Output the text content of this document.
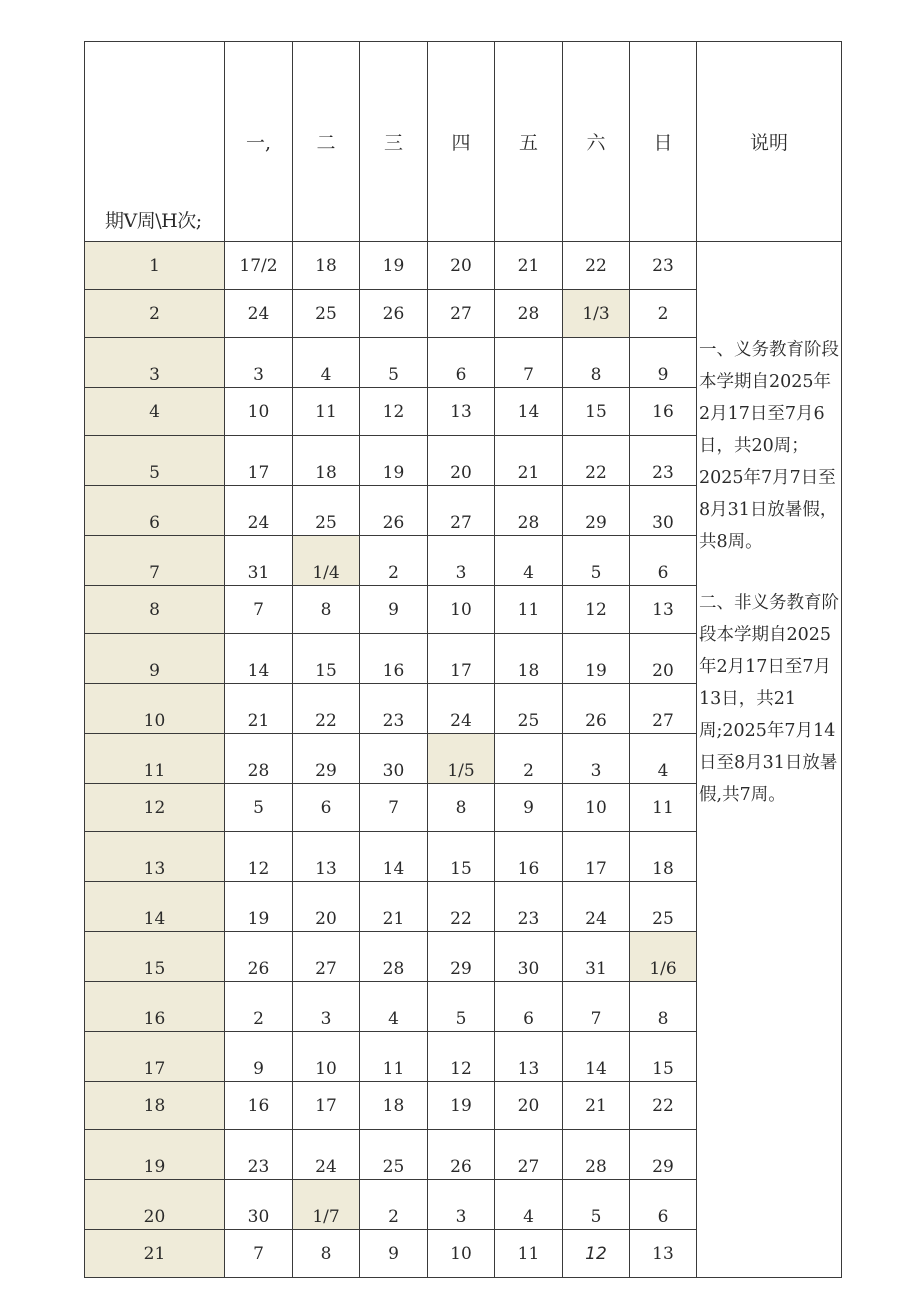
期V周\H次;	一,	二	三	四	五	六	日	说明
1	17/2	18	19	20	21	22	23	一、义务教育阶段本学期自2025年2月17日至7月6日，共20周；2025年7月7日至8月31日放暑假，共8周。

二、非义务教育阶段本学期自2025年2月17日至7月13日，共21周;2025年7月14日至8月31日放暑假,共7周。

2	24	25	26	27	28	1/3	2	
3	3	4	5	6	7	8	9	
4	10	11	12	13	14	15	16	
5	17	18	19	20	21	22	23	
6	24	25	26	27	28	29	30	
7	31	1/4	2	3	4	5	6	
8	7	8	9	10	11	12	13	
9	14	15	16	17	18	19	20	
10	21	22	23	24	25	26	27	
11	28	29	30	1/5	2	3	4	
12	5	6	7	8	9	10	11	
13	12	13	14	15	16	17	18	
14	19	20	21	22	23	24	25	
15	26	27	28	29	30	31	1/6	
16	2	3	4	5	6	7	8	
17	9	10	11	12	13	14	15	
18	16	17	18	19	20	21	22	
19	23	24	25	26	27	28	29	
20	30	1/7	2	3	4	5	6	
21	7	8	9	10	11	12	13	
